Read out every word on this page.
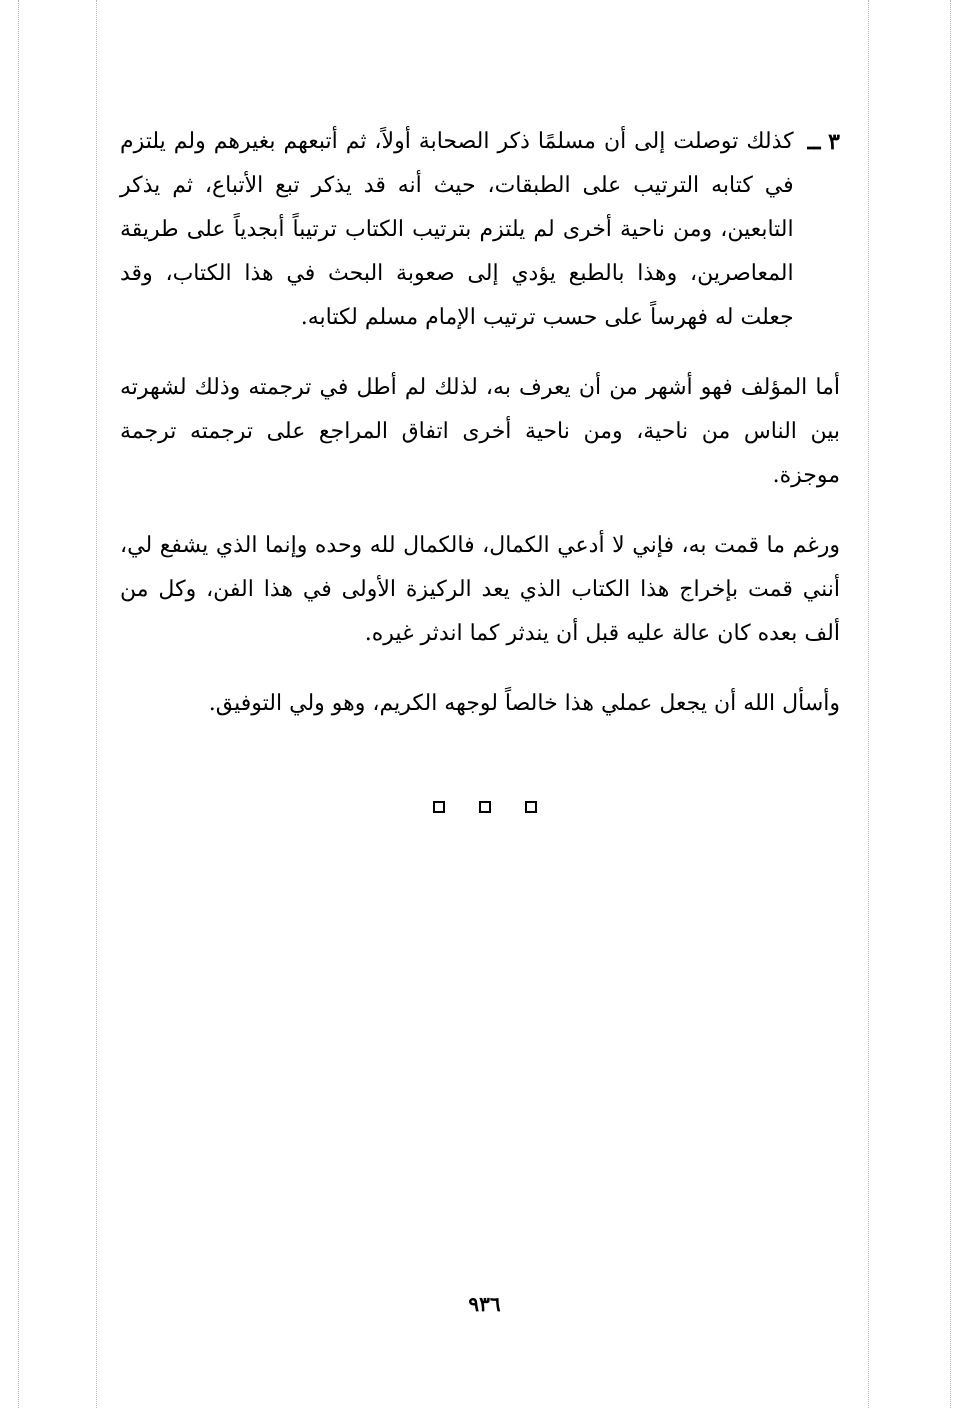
٣ ــ

كذلك توصلت إلى أن مسلمًا ذكر الصحابة أولاً، ثم أتبعهم بغيرهم ولم يلتزم في كتابه الترتيب على الطبقات، حيث أنه قد يذكر تبع الأتباع، ثم يذكر التابعين، ومن ناحية أخرى لم يلتزم بترتيب الكتاب ترتيباً أبجدياً على طريقة المعاصرين، وهذا بالطبع يؤدي إلى صعوبة البحث في هذا الكتاب، وقد جعلت له فهرساً على حسب ترتيب الإمام مسلم لكتابه.

أما المؤلف فهو أشهر من أن يعرف به، لذلك لم أطل في ترجمته وذلك لشهرته بين الناس من ناحية، ومن ناحية أخرى اتفاق المراجع على ترجمته ترجمة موجزة.

ورغم ما قمت به، فإني لا أدعي الكمال، فالكمال لله وحده وإنما الذي يشفع لي، أنني قمت بإخراج هذا الكتاب الذي يعد الركيزة الأولى في هذا الفن، وكل من ألف بعده كان عالة عليه قبل أن يندثر كما اندثر غيره.

وأسأل الله أن يجعل عملي هذا خالصاً لوجهه الكريم، وهو ولي التوفيق.

٩٣٦
